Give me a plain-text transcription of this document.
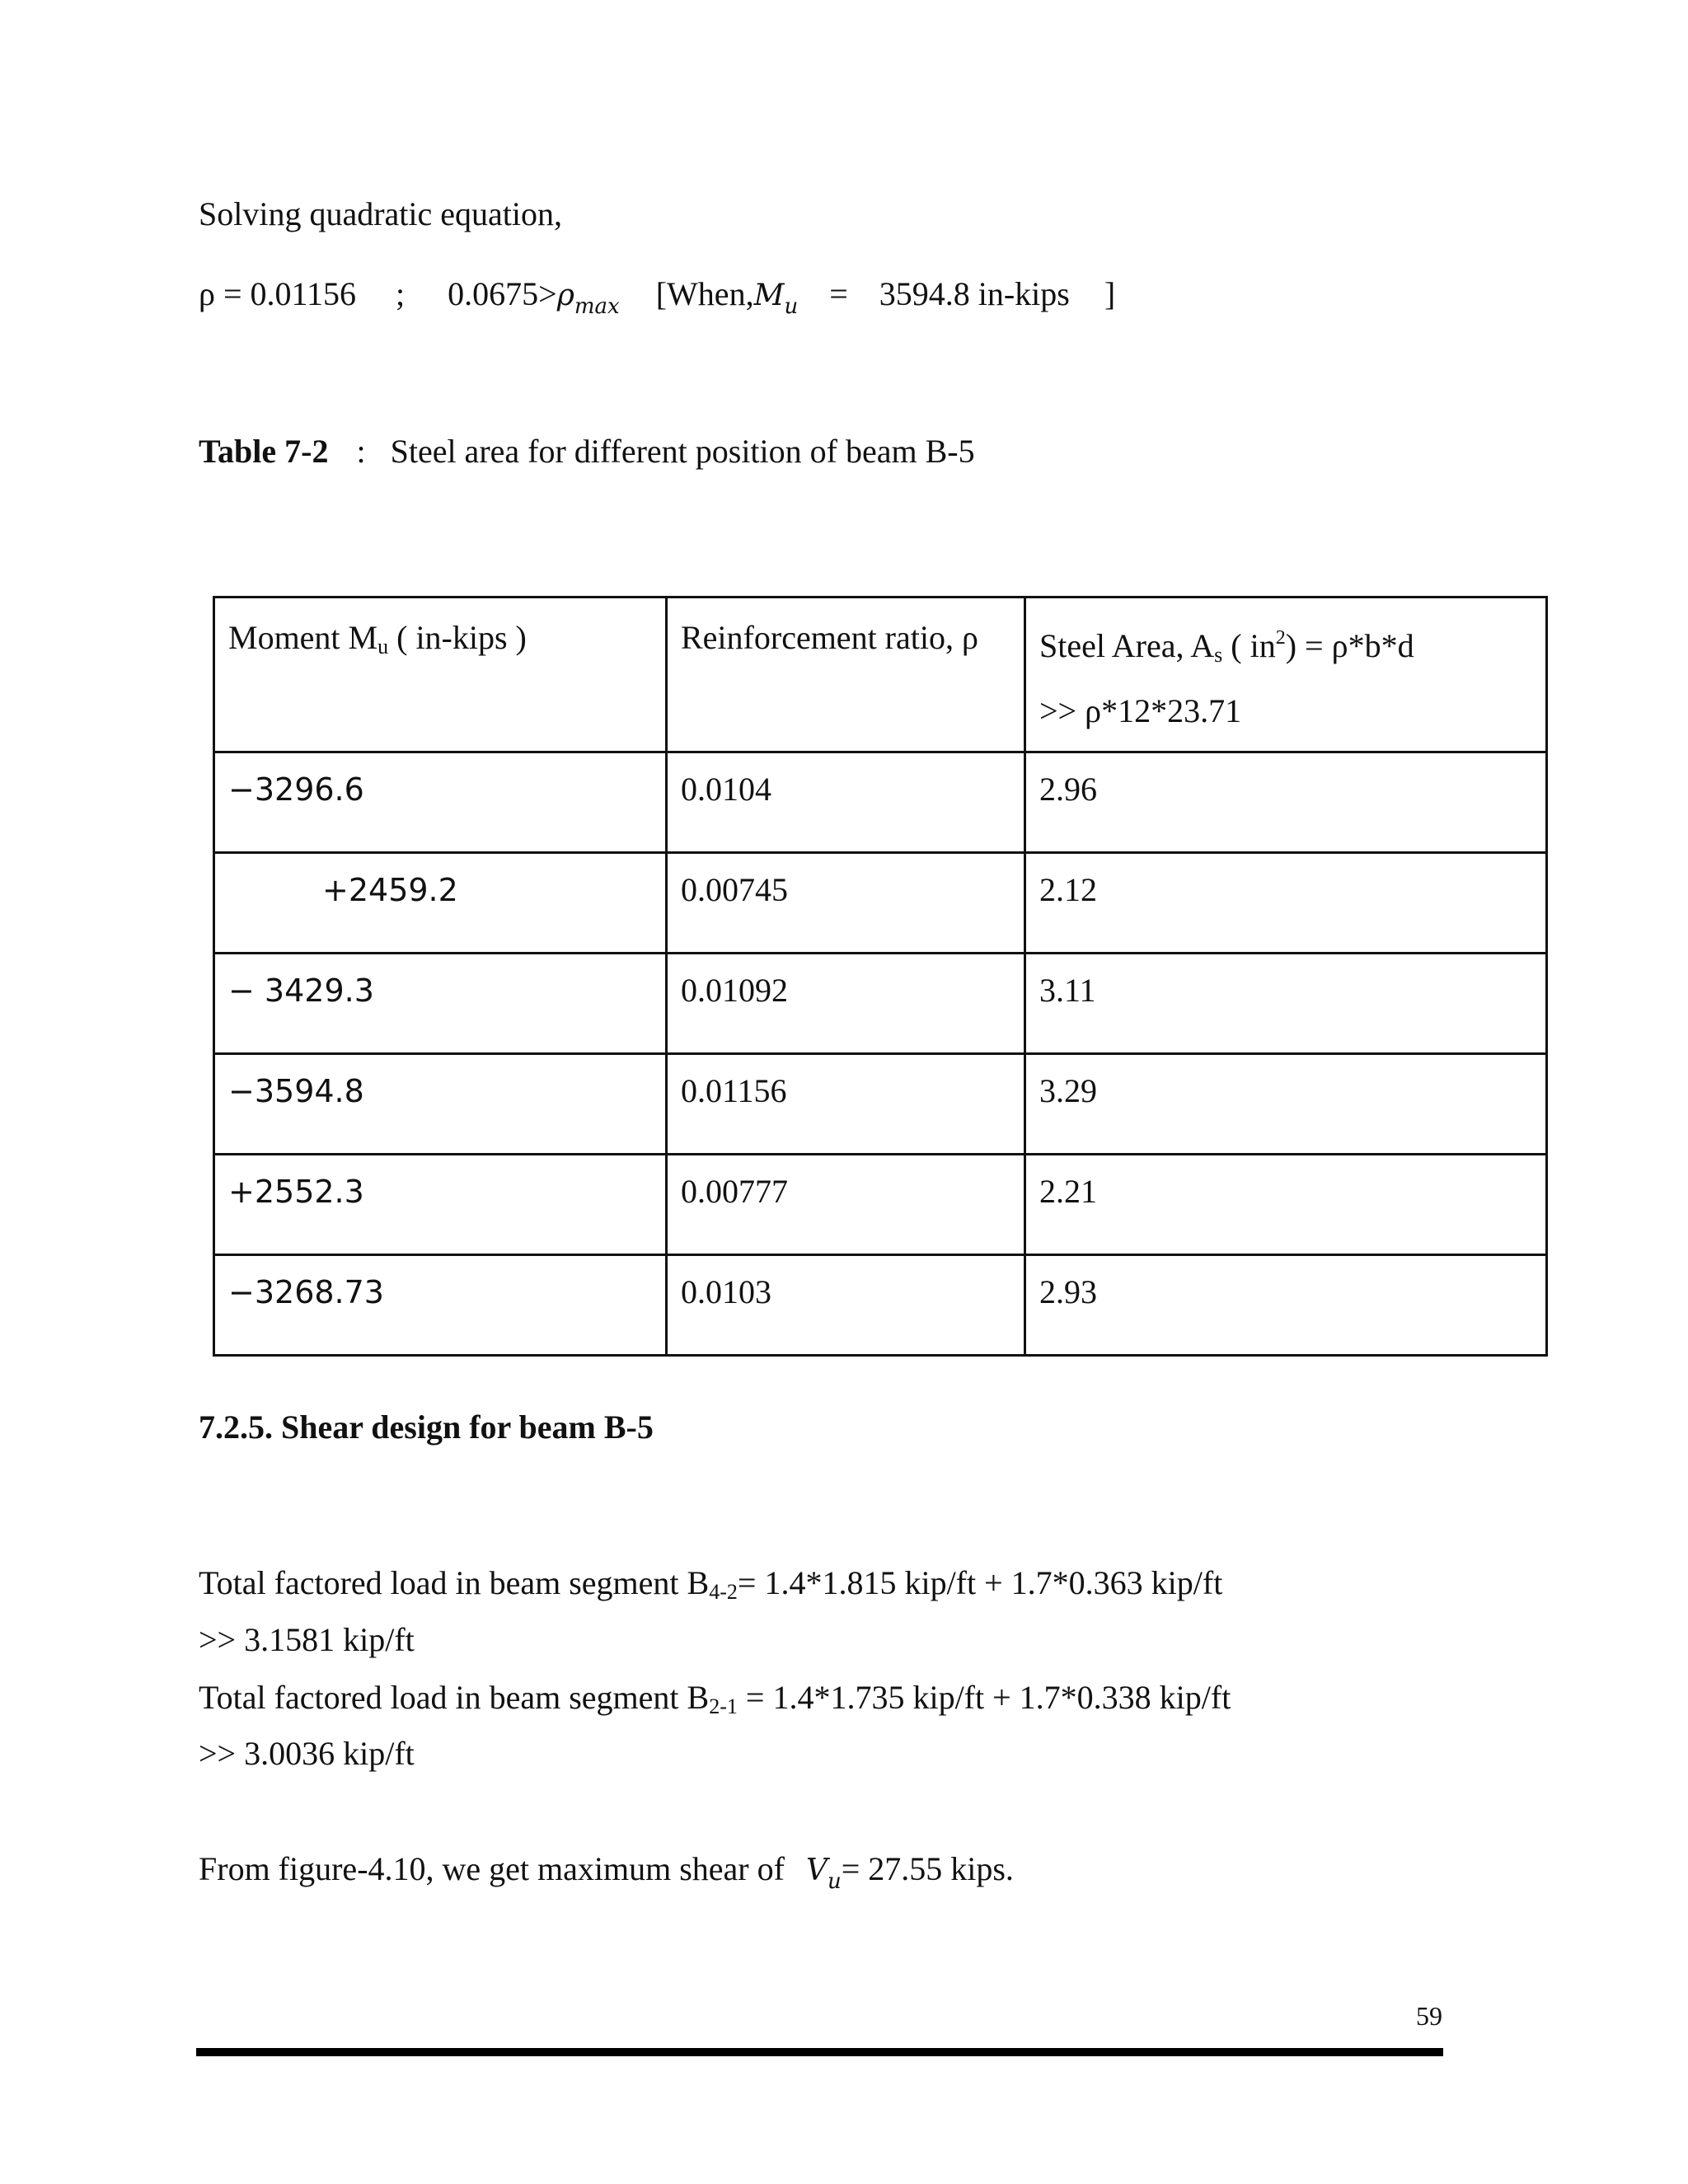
Solving quadratic equation,
ρ = 0.01156 ; $0.0675>\rho_{max}$ [$When,M_u = 3594.8$ in-kips ]
Table 7-2 : Steel area for different position of beam B-5
Moment $M_u$ ( in-kips )	Reinforcement ratio, ρ	Steel Area, $A_s$ ( $in^2) = \rho*b*d$
>> ρ*12*23.71
−3296.6	0.0104	2.96
+2459.2	0.00745	2.12
− 3429.3	0.01092	3.11
−3594.8	0.01156	3.29
+2552.3	0.00777	2.21
−3268.73	0.0103	2.93
7.2.5. Shear design for beam B-5
Total factored load in beam segment $B_{4-2}= 1.4*1.815$ kip/ft + 1.7*0.363 kip/ft
>> 3.1581 kip/ft
Total factored load in beam segment $B_{2-1} = 1.4*1.735$ kip/ft + 1.7*0.338 kip/ft
>> 3.0036 kip/ft
From figure-4.10, we get maximum shear of $V_u= 27.55$ kips.
59
